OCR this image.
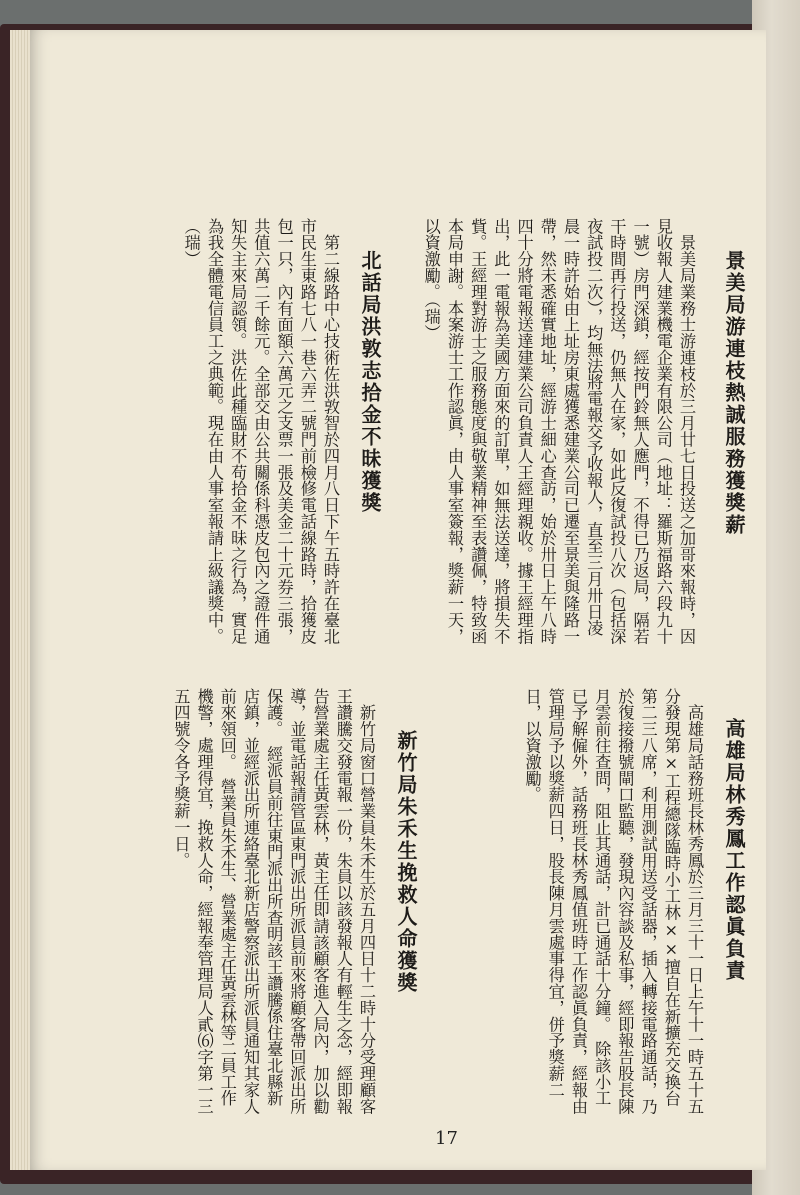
景美局游連枝熱誠服務獲獎薪
　景美局業務士游連枝於三月廿七日投送之加哥來報時，因見收報人建業機電企業有限公司（地址：羅斯福路六段九十一號）房門深鎖，經按門鈴無人應門，不得已乃返局，隔若干時間再行投送，仍無人在家，如此反復試投八次（包括深夜試投二次），均無法將電報交予收報人，直至三月卅日凌晨一時許始由上址房東處獲悉建業公司已遷至景美與隆路一帶，然未悉確實地址，經游士細心查訪，始於卅日上午八時四十分將電報送達建業公司負責人王經理親收。據王經理指出，此一電報為美國方面來的訂單，如無法送達，將損失不貲。王經理對游士之服務態度與敬業精神至表讚佩，特致函本局申謝。本案游士工作認眞，由人事室簽報，獎薪一天，以資激勵。（瑞）
北話局洪敦志拾金不昧獲獎
　第二線路中心技術佐洪敦智於四月八日下午五時許在臺北市民生東路七八一巷六弄二號門前檢修電話線路時，拾獲皮包一只，內有面額六萬元之支票一張及美金二十元券三張，共值六萬二千餘元。全部交由公共關係科憑皮包內之證件通知失主來局認領。洪佐此種臨財不苟拾金不昧之行為，實足為我全體電信員工之典範。現在由人事室報請上級議獎中。（瑞）
高雄局林秀鳳工作認眞負責
　高雄局話務班長林秀鳳於三月三十一日上午十一時五十五分發現第×工程總隊臨時小工林××擅自在新擴充交換台第二三八席，利用測試用送受話器，插入轉接電路通話，乃於復接撥號閘口監聽，發現內容談及私事，經即報告股長陳月雲前往查問，阻止其通話，計已通話十分鐘。　除該小工已予解僱外，話務班長林秀鳳值班時工作認眞負責，經報由管理局予以獎薪四日，股長陳月雲處事得宜，併予獎薪二日，以資激勵。
新竹局朱禾生挽救人命獲獎
　新竹局窗口營業員朱禾生於五月四日十二時十分受理顧客王讚騰交發電報一份，朱員以該發報人有輕生之念，經即報告營業處主任黃雲林，黃主任即請該顧客進入局內，加以勸導，並電話報請管區東門派出所派員前來將顧客帶回派出所保護。　經派員前往東門派出所查明該王讚騰係住臺北縣新店鎮，並經派出所連絡臺北新店警察派出所派員通知其家人前來領回。　營業員朱禾生、營業處主任黃雲林等二員工作機警，處理得宜，挽救人命，經報奉管理局人貳⑹字第一三五四號令各予獎薪一日。
17
